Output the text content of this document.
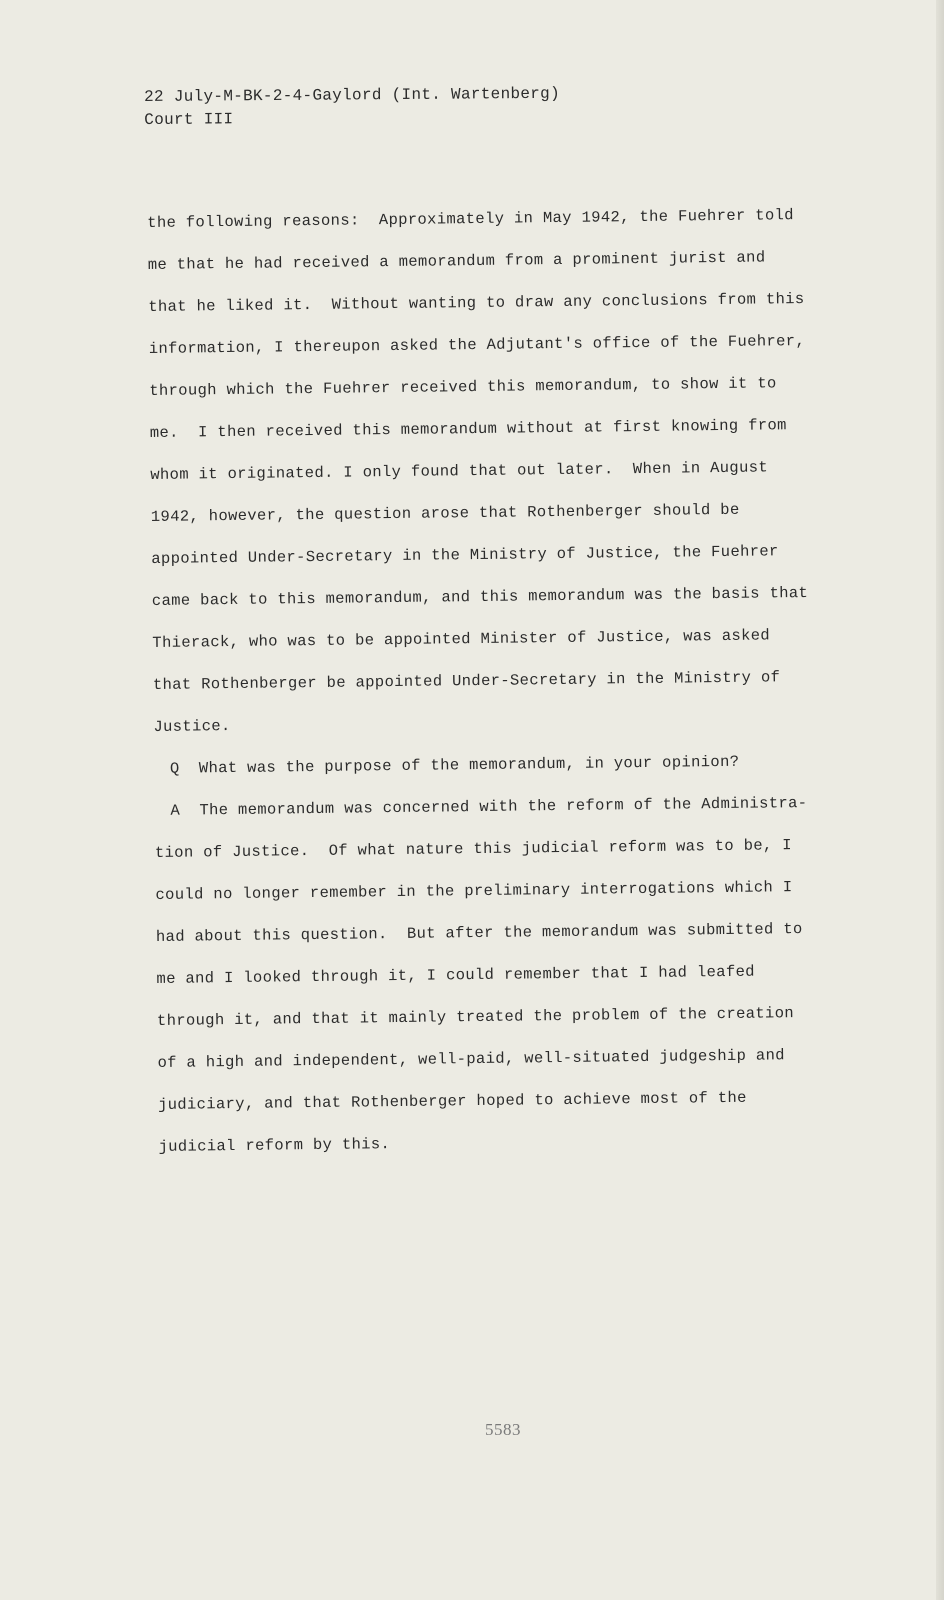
22 July-M-BK-2-4-Gaylord (Int. Wartenberg)
Court III
the following reasons:  Approximately in May 1942, the Fuehrer told
me that he had received a memorandum from a prominent jurist and
that he liked it.  Without wanting to draw any conclusions from this
information, I thereupon asked the Adjutant's office of the Fuehrer,
through which the Fuehrer received this memorandum, to show it to
me.  I then received this memorandum without at first knowing from
whom it originated. I only found that out later.  When in August
1942, however, the question arose that Rothenberger should be
appointed Under-Secretary in the Ministry of Justice, the Fuehrer
came back to this memorandum, and this memorandum was the basis that
Thierack, who was to be appointed Minister of Justice, was asked
that Rothenberger be appointed Under-Secretary in the Ministry of
Justice.
Q  What was the purpose of the memorandum, in your opinion?
A  The memorandum was concerned with the reform of the Administra-
tion of Justice.  Of what nature this judicial reform was to be, I
could no longer remember in the preliminary interrogations which I
had about this question.  But after the memorandum was submitted to
me and I looked through it, I could remember that I had leafed
through it, and that it mainly treated the problem of the creation
of a high and independent, well-paid, well-situated judgeship and
judiciary, and that Rothenberger hoped to achieve most of the
judicial reform by this.
5583
